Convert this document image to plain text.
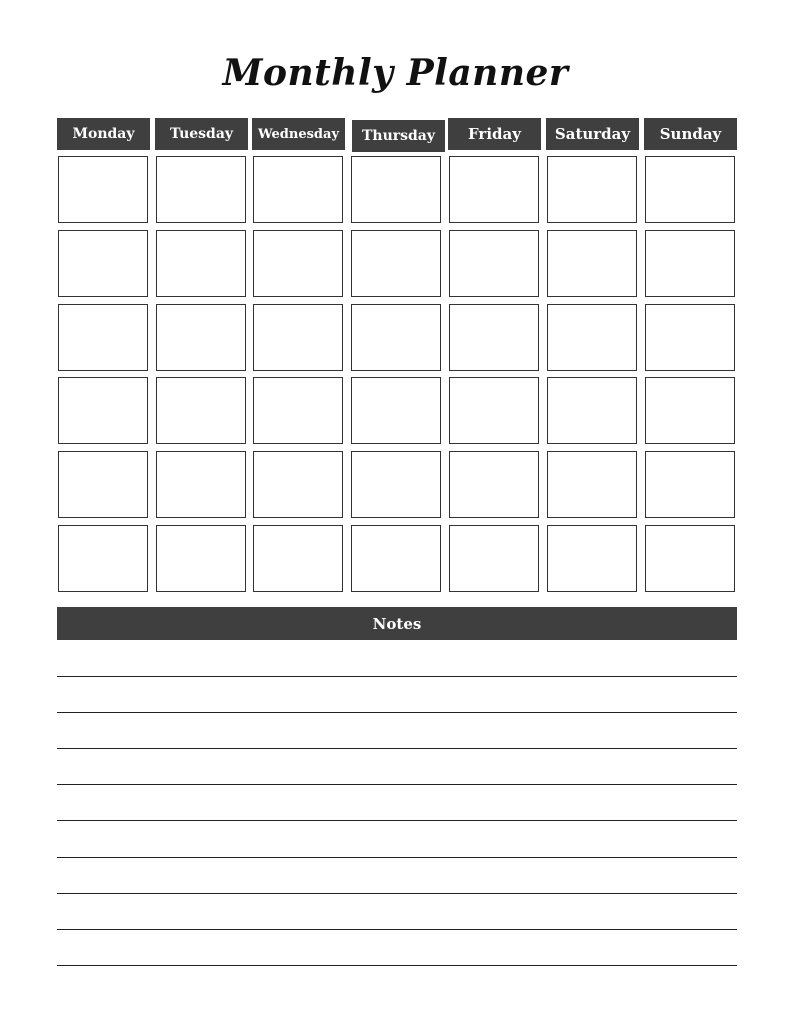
Monthly Planner
Monday	Tuesday	Wednesday	Thursday	Friday	Saturday	Sunday
Notes
